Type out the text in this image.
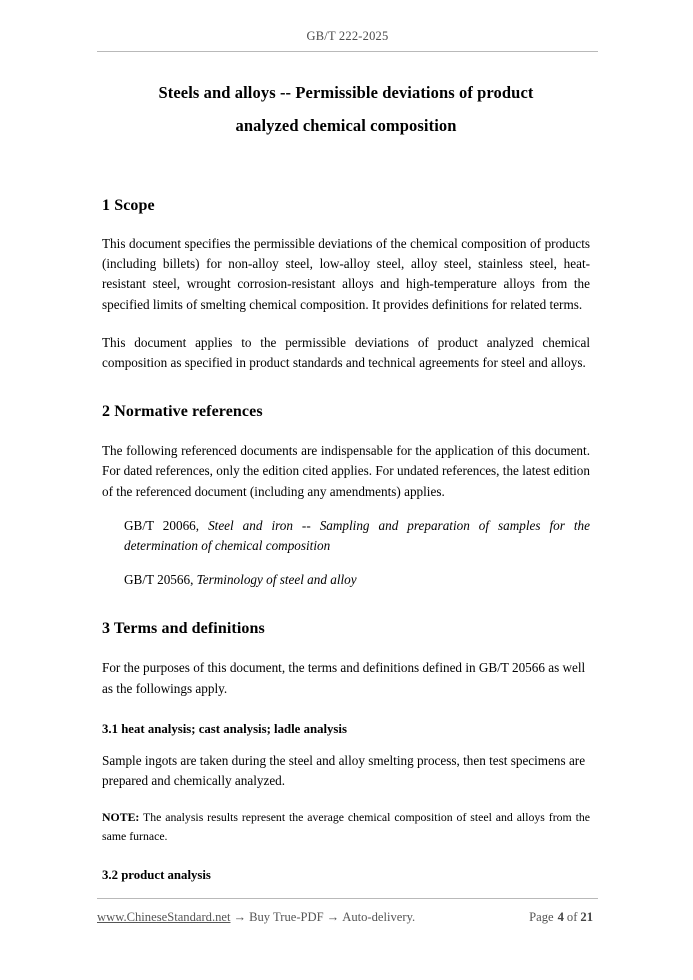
GB/T 222-2025
Steels and alloys -- Permissible deviations of product
analyzed chemical composition
1 Scope

This document specifies the permissible deviations of the chemical composition of products (including billets) for non-alloy steel, low-alloy steel, alloy steel, stainless steel, heat-resistant steel, wrought corrosion-resistant alloys and high-temperature alloys from the specified limits of smelting chemical composition. It provides definitions for related terms.

This document applies to the permissible deviations of product analyzed chemical composition as specified in product standards and technical agreements for steel and alloys.

2 Normative references

The following referenced documents are indispensable for the application of this document. For dated references, only the edition cited applies. For undated references, the latest edition of the referenced document (including any amendments) applies.

GB/T 20066, Steel and iron -- Sampling and preparation of samples for the determination of chemical composition

GB/T 20566, Terminology of steel and alloy

3 Terms and definitions

For the purposes of this document, the terms and definitions defined in GB/T 20566 as well as the followings apply.

3.1 heat analysis; cast analysis; ladle analysis

Sample ingots are taken during the steel and alloy smelting process, then test specimens are prepared and chemically analyzed.

NOTE: The analysis results represent the average chemical composition of steel and alloys from the same furnace.

3.2 product analysis
www.ChineseStandard.net → Buy True-PDF → Auto-delivery.	Page 4 of 21
